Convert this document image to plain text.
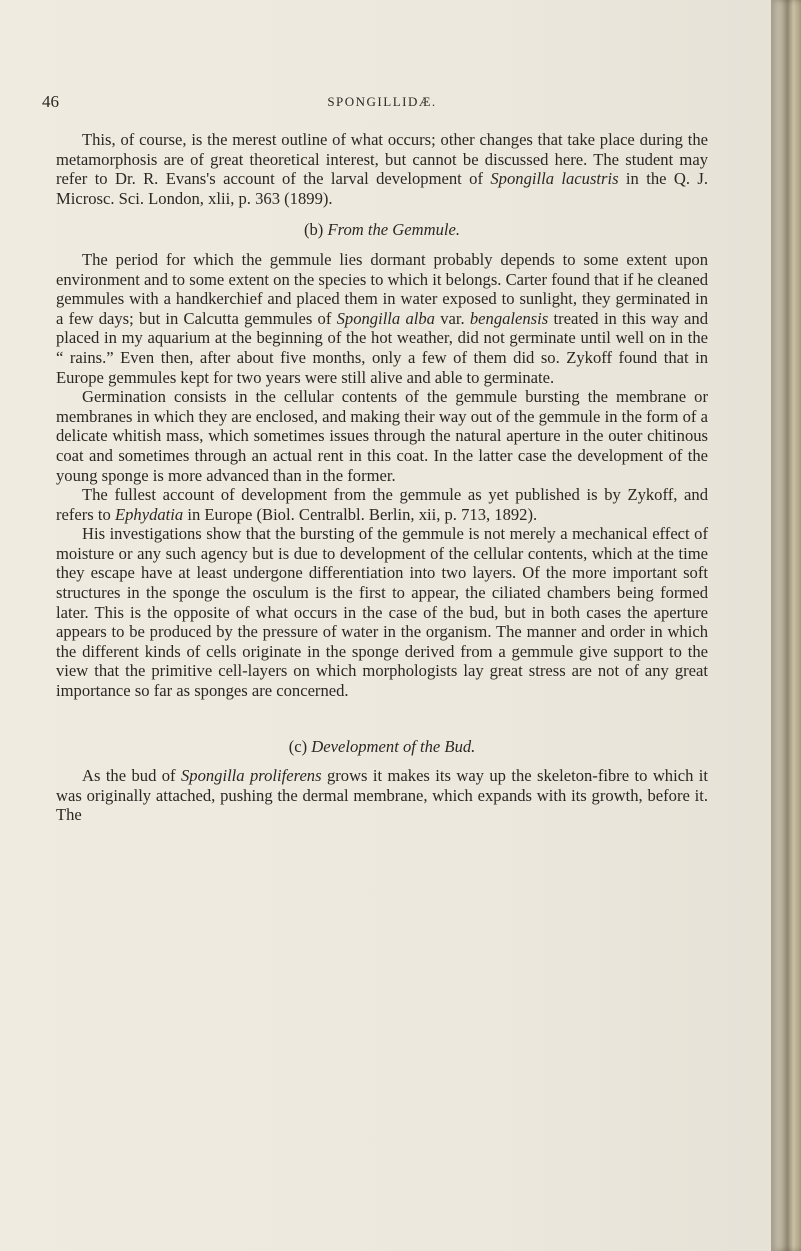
46	SPONGILLIDÆ.

This, of course, is the merest outline of what occurs; other changes that take place during the metamorphosis are of great theoretical interest, but cannot be discussed here. The student may refer to Dr. R. Evans's account of the larval development of Spongilla lacustris in the Q. J. Microsc. Sci. London, xlii, p. 363 (1899).

(b) From the Gemmule.

The period for which the gemmule lies dormant probably depends to some extent upon environment and to some extent on the species to which it belongs. Carter found that if he cleaned gemmules with a handkerchief and placed them in water exposed to sunlight, they germinated in a few days; but in Calcutta gemmules of Spongilla alba var. bengalensis treated in this way and placed in my aquarium at the beginning of the hot weather, did not germinate until well on in the “ rains.” Even then, after about five months, only a few of them did so. Zykoff found that in Europe gemmules kept for two years were still alive and able to germinate.

Germination consists in the cellular contents of the gemmule bursting the membrane or membranes in which they are enclosed, and making their way out of the gemmule in the form of a delicate whitish mass, which sometimes issues through the natural aperture in the outer chitinous coat and sometimes through an actual rent in this coat. In the latter case the development of the young sponge is more advanced than in the former.

The fullest account of development from the gemmule as yet published is by Zykoff, and refers to Ephydatia in Europe (Biol. Centralbl. Berlin, xii, p. 713, 1892).

His investigations show that the bursting of the gemmule is not merely a mechanical effect of moisture or any such agency but is due to development of the cellular contents, which at the time they escape have at least undergone differentiation into two layers. Of the more important soft structures in the sponge the osculum is the first to appear, the ciliated chambers being formed later. This is the opposite of what occurs in the case of the bud, but in both cases the aperture appears to be produced by the pressure of water in the organism. The manner and order in which the different kinds of cells originate in the sponge derived from a gemmule give support to the view that the primitive cell-layers on which morphologists lay great stress are not of any great importance so far as sponges are concerned.

(c) Development of the Bud.

As the bud of Spongilla proliferens grows it makes its way up the skeleton-fibre to which it was originally attached, pushing the dermal membrane, which expands with its growth, before it. The
